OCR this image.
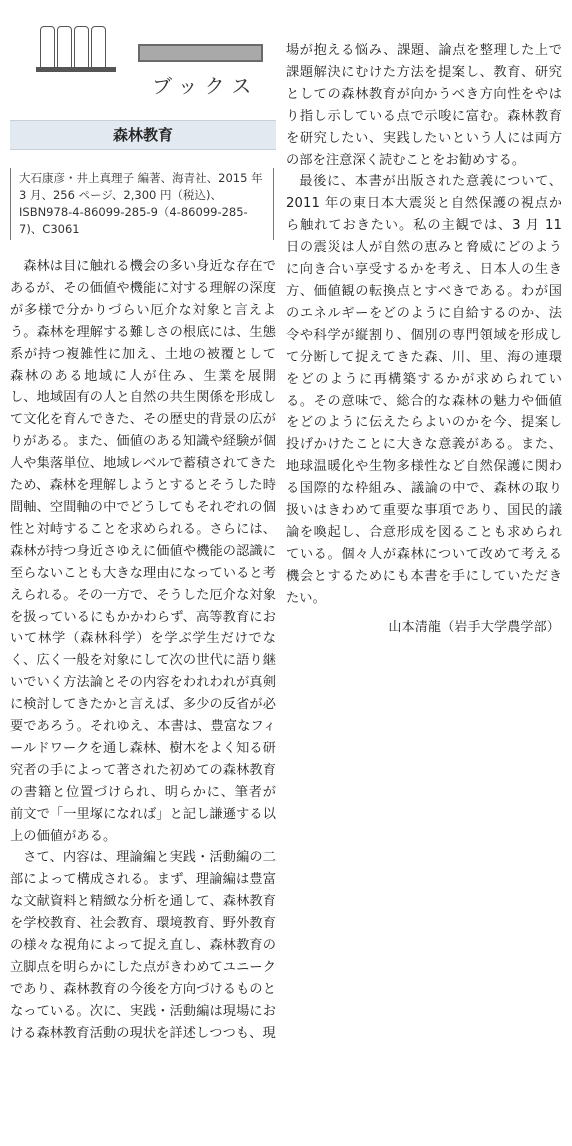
ブックス
森林教育
大石康彦・井上真理子 編著、海青社、2015 年 3 月、256 ページ、2,300 円（税込)、ISBN978-4-86099-285-9（4-86099-285-7)、C3061

森林は目に触れる機会の多い身近な存在であるが、その価値や機能に対する理解の深度が多様で分かりづらい厄介な対象と言えよう。森林を理解する難しさの根底には、生態系が持つ複雑性に加え、土地の被覆として森林のある地域に人が住み、生業を展開し、地域固有の人と自然の共生関係を形成して文化を育んできた、その歴史的背景の広がりがある。また、価値のある知識や経験が個人や集落単位、地域レベルで蓄積されてきたため、森林を理解しようとするとそうした時間軸、空間軸の中でどうしてもそれぞれの個性と対峙することを求められる。さらには、森林が持つ身近さゆえに価値や機能の認識に至らないことも大きな理由になっていると考えられる。その一方で、そうした厄介な対象を扱っているにもかかわらず、高等教育において林学（森林科学）を学ぶ学生だけでなく、広く一般を対象にして次の世代に語り継いでいく方法論とその内容をわれわれが真剣に検討してきたかと言えば、多少の反省が必要であろう。それゆえ、本書は、豊富なフィールドワークを通し森林、樹木をよく知る研究者の手によって著された初めての森林教育の書籍と位置づけられ、明らかに、筆者が前文で「一里塚になれば」と記し謙遜する以上の価値がある。

さて、内容は、理論編と実践・活動編の二部によって構成される。まず、理論編は豊富な文献資料と精緻な分析を通して、森林教育を学校教育、社会教育、環境教育、野外教育の様々な視角によって捉え直し、森林教育の立脚点を明らかにした点がきわめてユニークであり、森林教育の今後を方向づけるものとなっている。次に、実践・活動編は現場における森林教育活動の現状を詳述しつつも、現

場が抱える悩み、課題、論点を整理した上で課題解決にむけた方法を提案し、教育、研究としての森林教育が向かうべき方向性をやはり指し示している点で示唆に富む。森林教育を研究したい、実践したいという人には両方の部を注意深く読むことをお勧めする。

最後に、本書が出版された意義について、2011 年の東日本大震災と自然保護の視点から触れておきたい。私の主観では、3 月 11 日の震災は人が自然の恵みと脅威にどのように向き合い享受するかを考え、日本人の生き方、価値観の転換点とすべきである。わが国のエネルギーをどのように自給するのか、法令や科学が縦割り、個別の専門領域を形成して分断して捉えてきた森、川、里、海の連環をどのように再構築するかが求められている。その意味で、総合的な森林の魅力や価値をどのように伝えたらよいのかを今、提案し投げかけたことに大きな意義がある。また、地球温暖化や生物多様性など自然保護に関わる国際的な枠組み、議論の中で、森林の取り扱いはきわめて重要な事項であり、国民的議論を喚起し、合意形成を図ることも求められている。個々人が森林について改めて考える機会とするためにも本書を手にしていただきたい。

山本清龍（岩手大学農学部）
